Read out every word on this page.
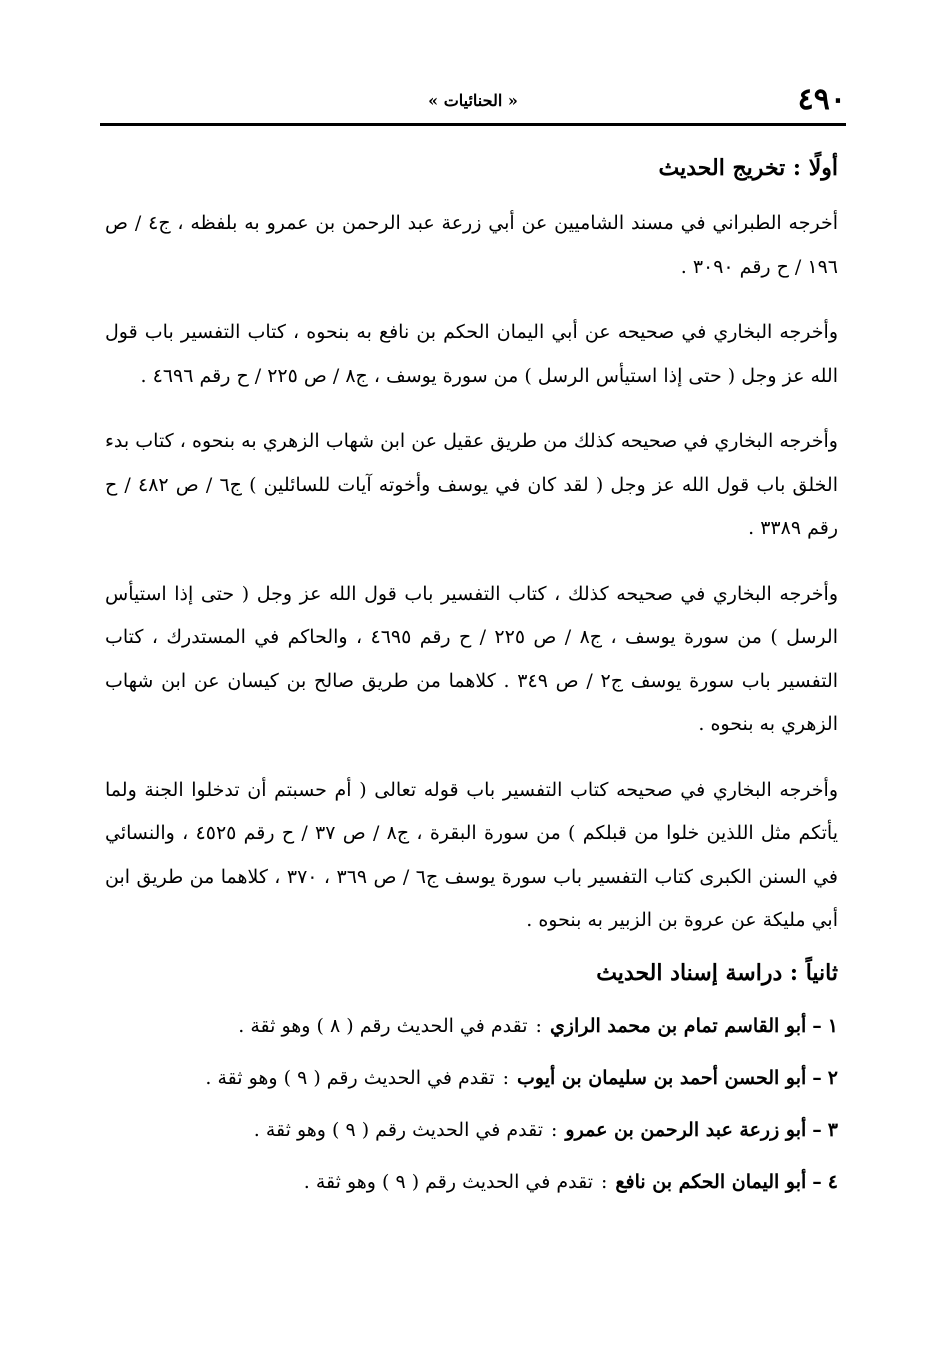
٤٩٠
« الحنائيات »
أولًا : تخريج الحديث

أخرجه الطبراني في مسند الشاميين عن أبي زرعة عبد الرحمن بن عمرو به بلفظه ، ج٤ / ص ١٩٦ / ح رقم ٣٠٩٠ .

وأخرجه البخاري في صحيحه عن أبي اليمان الحكم بن نافع به بنحوه ، كتاب التفسير باب قول الله عز وجل ( حتى إذا استيأس الرسل ) من سورة يوسف ، ج٨ / ص ٢٢٥ / ح رقم ٤٦٩٦ .

وأخرجه البخاري في صحيحه كذلك من طريق عقيل عن ابن شهاب الزهري به بنحوه ، كتاب بدء الخلق باب قول الله عز وجل ( لقد كان في يوسف وأخوته آيات للسائلين ) ج٦ / ص ٤٨٢ / ح رقم ٣٣٨٩ .

وأخرجه البخاري في صحيحه كذلك ، كتاب التفسير باب قول الله عز وجل ( حتى إذا استيأس الرسل ) من سورة يوسف ، ج٨ / ص ٢٢٥ / ح رقم ٤٦٩٥ ، والحاكم في المستدرك ، كتاب التفسير باب سورة يوسف ج٢ / ص ٣٤٩ . كلاهما من طريق صالح بن كيسان عن ابن شهاب الزهري به بنحوه .

وأخرجه البخاري في صحيحه كتاب التفسير باب قوله تعالى ( أم حسبتم أن تدخلوا الجنة ولما يأتكم مثل اللذين خلوا من قبلكم ) من سورة البقرة ، ج٨ / ص ٣٧ / ح رقم ٤٥٢٥ ، والنسائي في السنن الكبرى كتاب التفسير باب سورة يوسف ج٦ / ص ٣٦٩ ، ٣٧٠ ، كلاهما من طريق ابن أبي مليكة عن عروة بن الزبير به بنحوه .

ثانياً : دراسة إسناد الحديث
١–أبو القاسم تمام بن محمد الرازي:تقدم في الحديث رقم ( ٨ ) وهو ثقة .
٢–أبو الحسن أحمد بن سليمان بن أيوب:تقدم في الحديث رقم ( ٩ ) وهو ثقة .
٣–أبو زرعة عبد الرحمن بن عمرو:تقدم في الحديث رقم ( ٩ ) وهو ثقة .
٤–أبو اليمان الحكم بن نافع:تقدم في الحديث رقم ( ٩ ) وهو ثقة .
